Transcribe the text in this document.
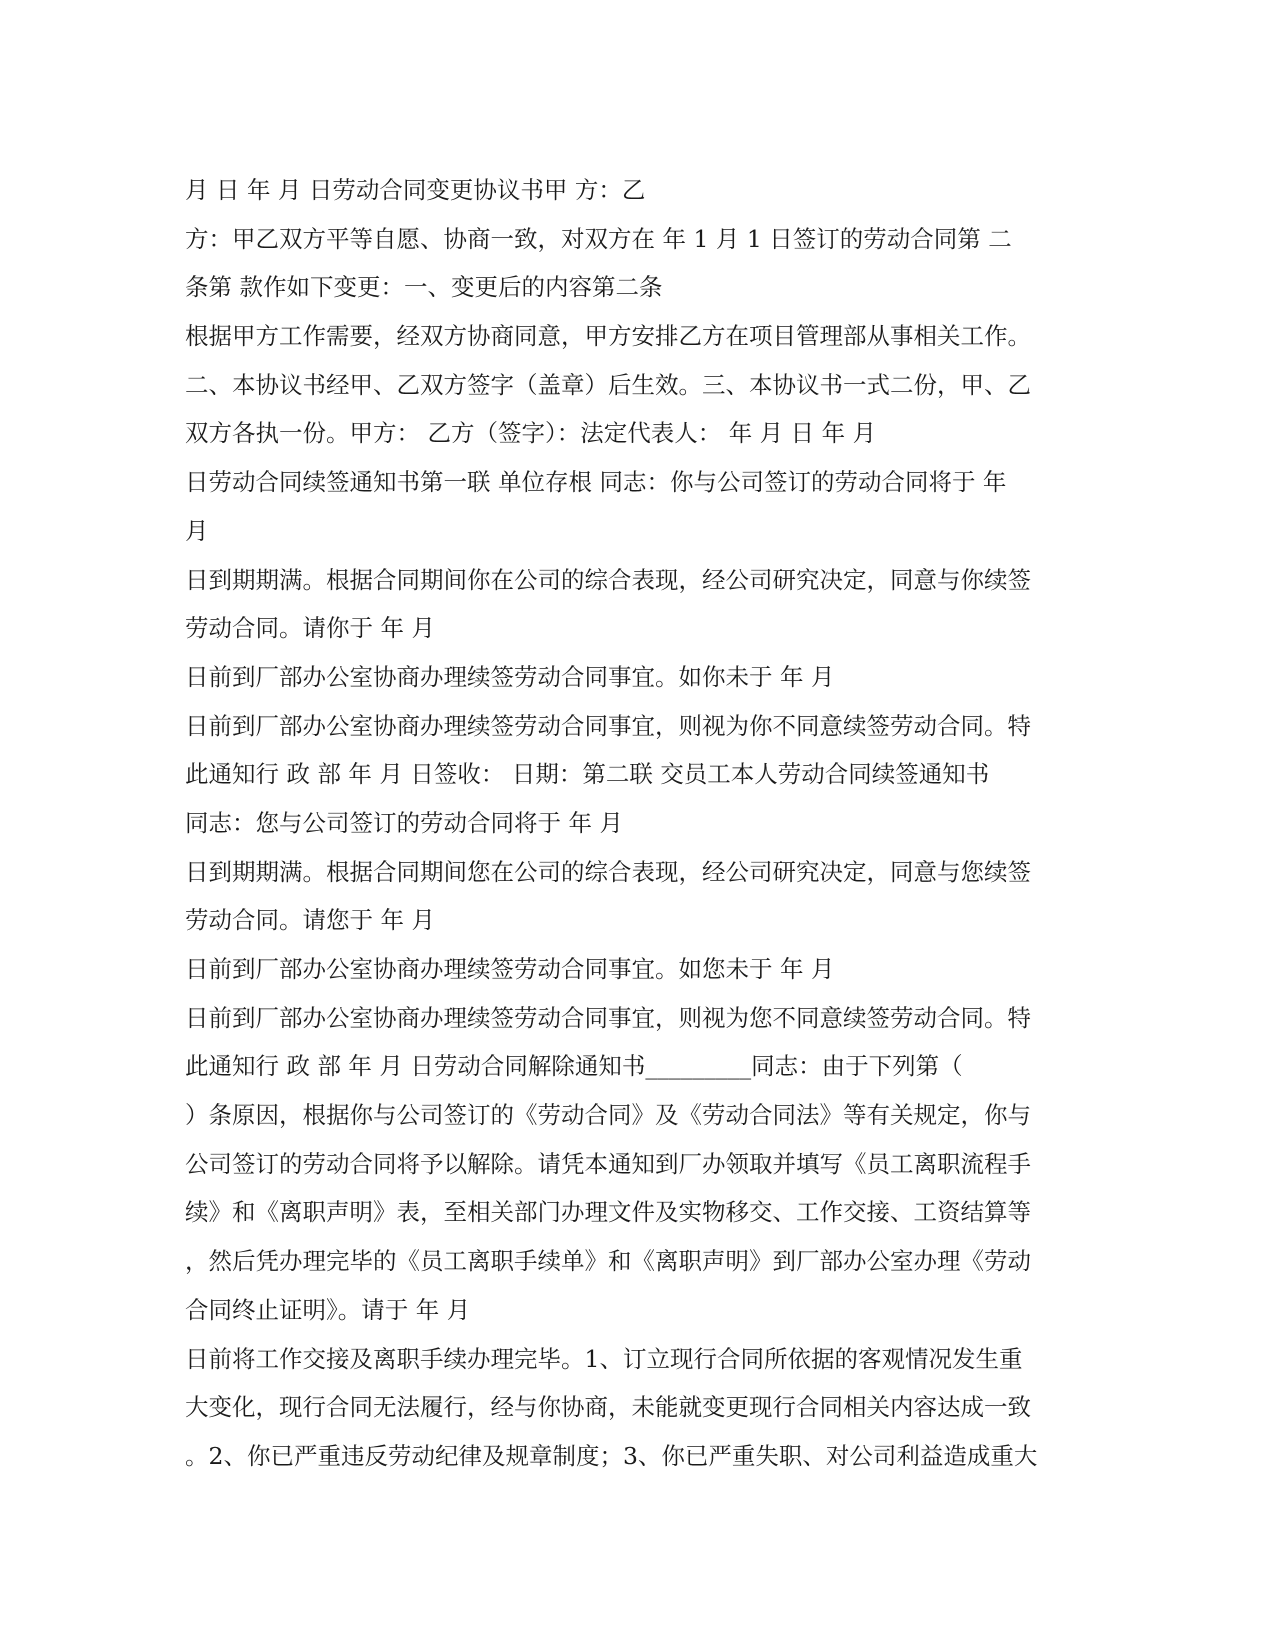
月 日 年 月 日劳动合同变更协议书甲 方：乙
方：甲乙双方平等自愿、协商一致，对双方在 年 1 月 1 日签订的劳动合同第 二
条第 款作如下变更：一、变更后的内容第二条
根据甲方工作需要，经双方协商同意，甲方安排乙方在项目管理部从事相关工作。
二、本协议书经甲、乙双方签字（盖章）后生效。三、本协议书一式二份，甲、乙
双方各执一份。甲方： 乙方（签字）：法定代表人： 年 月 日 年 月
日劳动合同续签通知书第一联 单位存根 同志：你与公司签订的劳动合同将于 年
月
日到期期满。根据合同期间你在公司的综合表现，经公司研究决定，同意与你续签
劳动合同。请你于 年 月
日前到厂部办公室协商办理续签劳动合同事宜。如你未于 年 月
日前到厂部办公室协商办理续签劳动合同事宜，则视为你不同意续签劳动合同。特
此通知行 政 部 年 月 日签收： 日期：第二联 交员工本人劳动合同续签通知书
同志：您与公司签订的劳动合同将于 年 月
日到期期满。根据合同期间您在公司的综合表现，经公司研究决定，同意与您续签
劳动合同。请您于 年 月
日前到厂部办公室协商办理续签劳动合同事宜。如您未于 年 月
日前到厂部办公室协商办理续签劳动合同事宜，则视为您不同意续签劳动合同。特
此通知行 政 部 年 月 日劳动合同解除通知书_________同志：由于下列第（
）条原因，根据你与公司签订的《劳动合同》及《劳动合同法》等有关规定，你与
公司签订的劳动合同将予以解除。请凭本通知到厂办领取并填写《员工离职流程手
续》和《离职声明》表，至相关部门办理文件及实物移交、工作交接、工资结算等
，然后凭办理完毕的《员工离职手续单》和《离职声明》到厂部办公室办理《劳动
合同终止证明》。请于 年 月
日前将工作交接及离职手续办理完毕。1、订立现行合同所依据的客观情况发生重
大变化，现行合同无法履行，经与你协商，未能就变更现行合同相关内容达成一致
。2、你已严重违反劳动纪律及规章制度；3、你已严重失职、对公司利益造成重大
